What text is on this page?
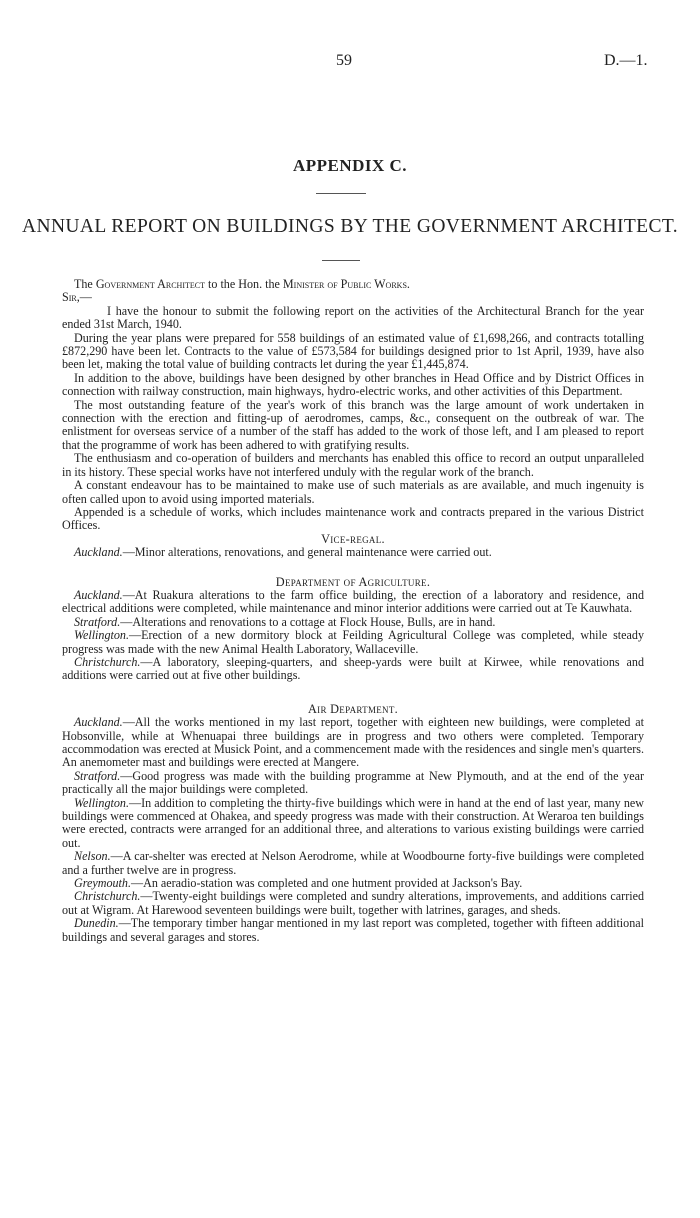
59	D.—1.
APPENDIX C.
ANNUAL REPORT ON BUILDINGS BY THE GOVERNMENT ARCHITECT.

The Government Architect to the Hon. the Minister of Public Works.

Sir,—

I have the honour to submit the following report on the activities of the Architectural Branch for the year ended 31st March, 1940.

During the year plans were prepared for 558 buildings of an estimated value of £1,698,266, and contracts totalling £872,290 have been let. Contracts to the value of £573,584 for buildings designed prior to 1st April, 1939, have also been let, making the total value of building contracts let during the year £1,445,874.

In addition to the above, buildings have been designed by other branches in Head Office and by District Offices in connection with railway construction, main highways, hydro-electric works, and other activities of this Department.

The most outstanding feature of the year's work of this branch was the large amount of work undertaken in connection with the erection and fitting-up of aerodromes, camps, &c., consequent on the outbreak of war. The enlistment for overseas service of a number of the staff has added to the work of those left, and I am pleased to report that the programme of work has been adhered to with gratifying results.

The enthusiasm and co-operation of builders and merchants has enabled this office to record an output unparalleled in its history. These special works have not interfered unduly with the regular work of the branch.

A constant endeavour has to be maintained to make use of such materials as are available, and much ingenuity is often called upon to avoid using imported materials.

Appended is a schedule of works, which includes maintenance work and contracts prepared in the various District Offices.

Vice-regal.

Auckland.—Minor alterations, renovations, and general maintenance were carried out.

Department of Agriculture.

Auckland.—At Ruakura alterations to the farm office building, the erection of a laboratory and residence, and electrical additions were completed, while maintenance and minor interior additions were carried out at Te Kauwhata.

Stratford.—Alterations and renovations to a cottage at Flock House, Bulls, are in hand.

Wellington.—Erection of a new dormitory block at Feilding Agricultural College was completed, while steady progress was made with the new Animal Health Laboratory, Wallaceville.

Christchurch.—A laboratory, sleeping-quarters, and sheep-yards were built at Kirwee, while renovations and additions were carried out at five other buildings.

Air Department.

Auckland.—All the works mentioned in my last report, together with eighteen new buildings, were completed at Hobsonville, while at Whenuapai three buildings are in progress and two others were completed. Temporary accommodation was erected at Musick Point, and a commencement made with the residences and single men's quarters. An anemometer mast and buildings were erected at Mangere.

Stratford.—Good progress was made with the building programme at New Plymouth, and at the end of the year practically all the major buildings were completed.

Wellington.—In addition to completing the thirty-five buildings which were in hand at the end of last year, many new buildings were commenced at Ohakea, and speedy progress was made with their construction. At Weraroa ten buildings were erected, contracts were arranged for an additional three, and alterations to various existing buildings were carried out.

Nelson.—A car-shelter was erected at Nelson Aerodrome, while at Woodbourne forty-five buildings were completed and a further twelve are in progress.

Greymouth.—An aeradio-station was completed and one hutment provided at Jackson's Bay.

Christchurch.—Twenty-eight buildings were completed and sundry alterations, improvements, and additions carried out at Wigram. At Harewood seventeen buildings were built, together with latrines, garages, and sheds.

Dunedin.—The temporary timber hangar mentioned in my last report was completed, together with fifteen additional buildings and several garages and stores.
